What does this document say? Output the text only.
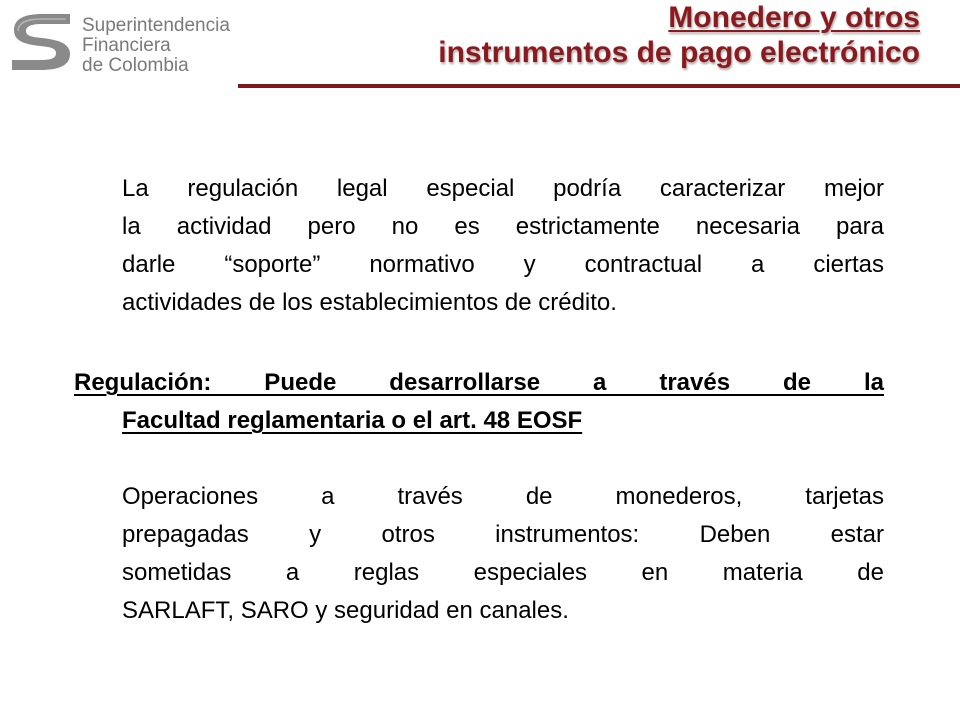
Superintendencia
Financiera
de Colombia
Monedero y otros
instrumentos de pago electrónico
La regulación legal especial podría caracterizar mejor
la actividad pero no es estrictamente necesaria para
darle “soporte” normativo y contractual a ciertas
actividades de los establecimientos de crédito.
Regulación: Puede desarrollarse a través de la
Facultad reglamentaria o el art. 48 EOSF
Operaciones a través de monederos, tarjetas
prepagadas y otros instrumentos: Deben estar
sometidas a reglas especiales en materia de
SARLAFT, SARO y seguridad en canales.
